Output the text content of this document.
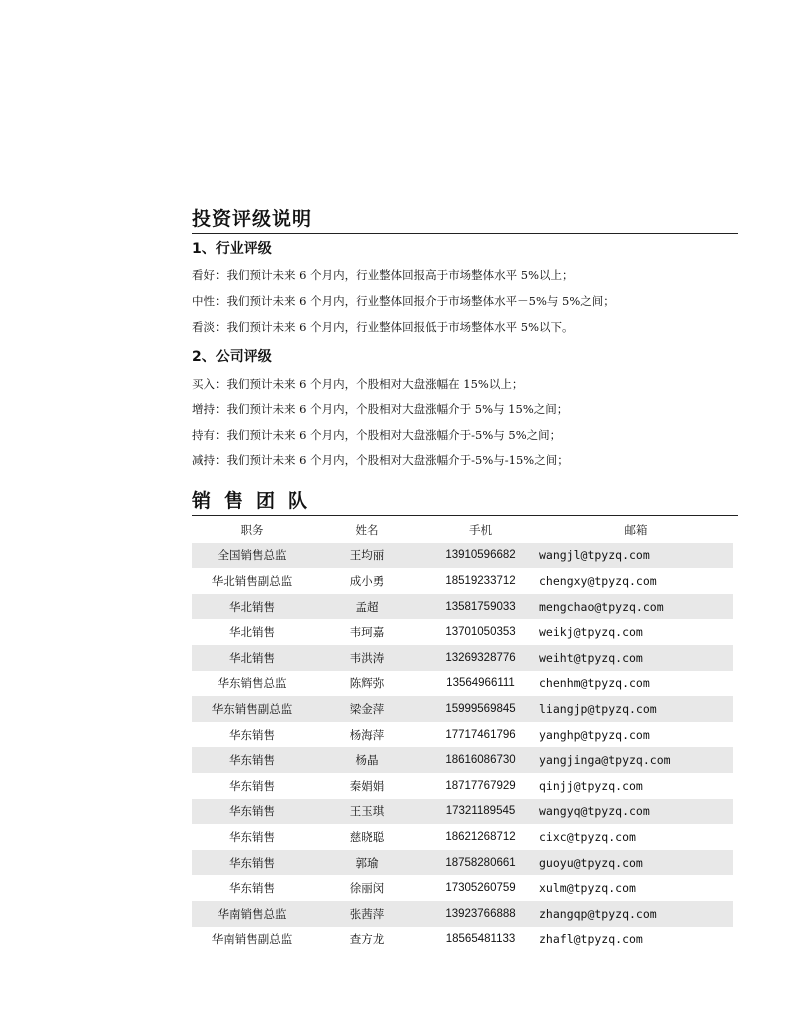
投资评级说明
1、行业评级
看好：我们预计未来 6 个月内，行业整体回报高于市场整体水平 5%以上；
中性：我们预计未来 6 个月内，行业整体回报介于市场整体水平－5%与 5%之间；
看淡：我们预计未来 6 个月内，行业整体回报低于市场整体水平 5%以下。
2、公司评级
买入：我们预计未来 6 个月内，个股相对大盘涨幅在 15%以上；
增持：我们预计未来 6 个月内，个股相对大盘涨幅介于 5%与 15%之间；
持有：我们预计未来 6 个月内，个股相对大盘涨幅介于-5%与 5%之间；
减持：我们预计未来 6 个月内，个股相对大盘涨幅介于-5%与-15%之间；
销售团队
职务	姓名	手机	邮箱
全国销售总监	王均丽	13910596682	wangjl@tpyzq.com
华北销售副总监	成小勇	18519233712	chengxy@tpyzq.com
华北销售	孟超	13581759033	mengchao@tpyzq.com
华北销售	韦珂嘉	13701050353	weikj@tpyzq.com
华北销售	韦洪涛	13269328776	weiht@tpyzq.com
华东销售总监	陈辉弥	13564966111	chenhm@tpyzq.com
华东销售副总监	梁金萍	15999569845	liangjp@tpyzq.com
华东销售	杨海萍	17717461796	yanghp@tpyzq.com
华东销售	杨晶	18616086730	yangjinga@tpyzq.com
华东销售	秦娟娟	18717767929	qinjj@tpyzq.com
华东销售	王玉琪	17321189545	wangyq@tpyzq.com
华东销售	慈晓聪	18621268712	cixc@tpyzq.com
华东销售	郭瑜	18758280661	guoyu@tpyzq.com
华东销售	徐丽闵	17305260759	xulm@tpyzq.com
华南销售总监	张茜萍	13923766888	zhangqp@tpyzq.com
华南销售副总监	查方龙	18565481133	zhafl@tpyzq.com
